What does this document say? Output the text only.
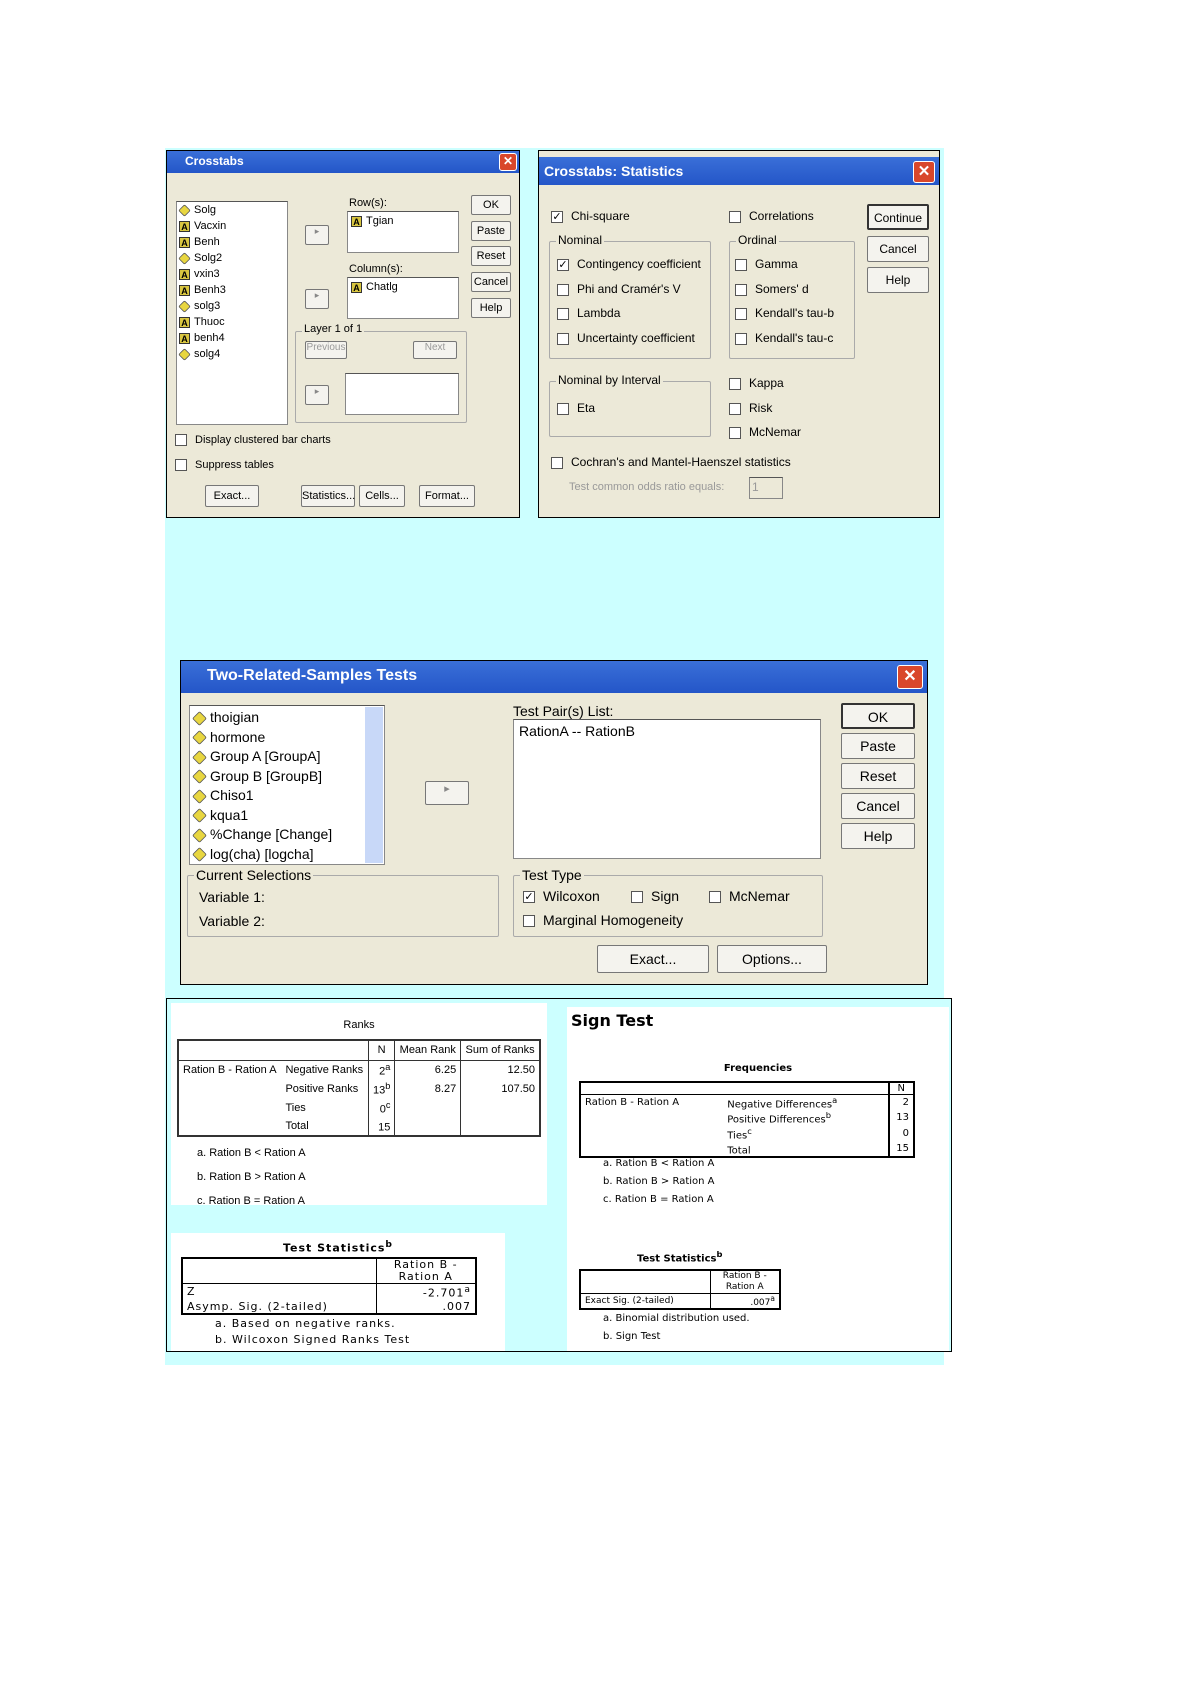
Crosstabs	✕
Solg
A Vacxin
A Benh
Solg2
A vxin3
A Benh3
solg3
A Thuoc
A benh4
solg4
▸
Row(s):
A Tgian
Column(s):
▸
A Chatlg
Layer 1 of 1
Previous	Next
▸
OK
Paste
Reset
Cancel
Help
Display clustered bar charts
Suppress tables
Exact...	Statistics... Cells...	Format...
Crosstabs: Statistics	✕
✓ Chi-square	Correlations
Nominal
✓ Contingency coefficient
Phi and Cramér's V
Lambda
Uncertainty coefficient
Ordinal
Gamma
Somers' d
Kendall's tau-b
Kendall's tau-c
Nominal by Interval
Eta
Kappa
Risk
McNemar
Cochran's and Mantel-Haenszel statistics
Test common odds ratio equals: 1
Continue
Cancel
Help
Two-Related-Samples Tests	✕
thoigian
hormone
Group A [GroupA]
Group B [GroupB]
Chiso1
kqua1
%Change [Change]
log(cha) [logcha]
▸
Test Pair(s) List:
RationA -- RationB
OK
Paste
Reset
Cancel
Help
Current Selections
Variable 1:
Variable 2:
Test Type
✓ Wilcoxon	Sign	McNemar
Marginal Homogeneity
Exact...	Options...
Ranks
		N	Mean Rank	Sum of Ranks
Ration B - Ration A	Negative Ranks	2$^a$	6.25	12.50
	Positive Ranks	13$^b$	8.27	107.50
	Ties	0$^c$		
	Total	15		
a. Ration B < Ration A
b. Ration B > Ration A
c. Ration B = Ration A
Test Statistics$^b$
	Ration B - Ration A
Z	-2.701$^a$
Asymp. Sig. (2-tailed)	.007
a. Based on negative ranks.
b. Wilcoxon Signed Ranks Test
Sign Test
Frequencies
		N
Ration B - Ration A	Negative Differences$^a$	2
	Positive Differences$^b$	13
	Ties$^c$	0
	Total	15
a. Ration B < Ration A
b. Ration B > Ration A
c. Ration B = Ration A
Test Statistics$^b$
	Ration B - Ration A
Exact Sig. (2-tailed)	.007$^a$
a. Binomial distribution used.
b. Sign Test
